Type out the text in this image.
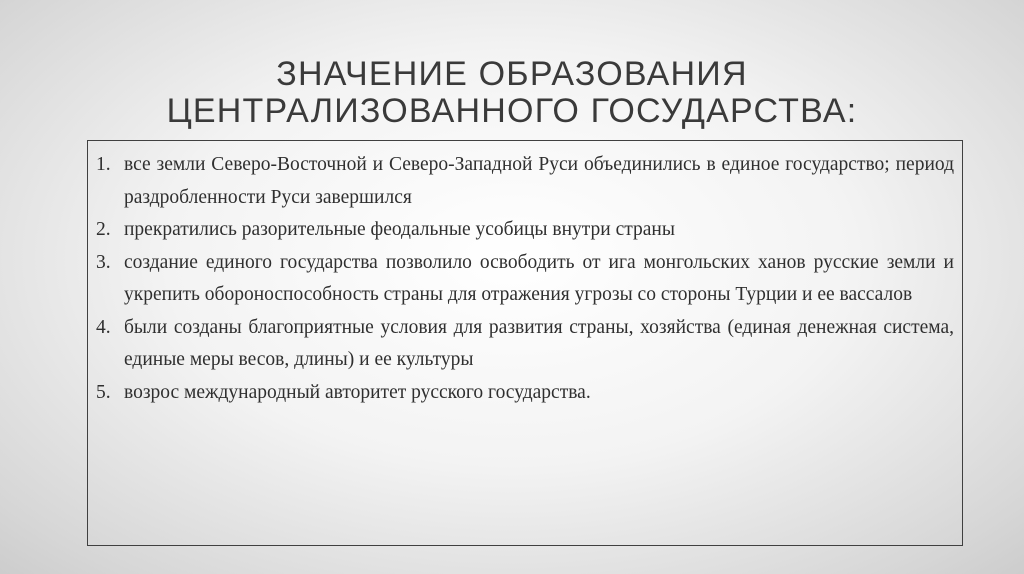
ЗНАЧЕНИЕ ОБРАЗОВАНИЯ
ЦЕНТРАЛИЗОВАННОГО ГОСУДАРСТВА:
1. все земли Северо-Восточной и Северо-Западной Руси объединились в единое государство; период раздробленности Руси завершился
2. прекратились разорительные феодальные усобицы внутри страны
3. создание единого государства позволило освободить от ига монгольских ханов русские земли и укрепить обороноспособность страны для отражения угрозы со стороны Турции и ее вассалов
4. были созданы благоприятные условия для развития страны, хозяйства (единая денежная система, единые меры весов, длины) и ее культуры
5. возрос международный авторитет русского государства.
